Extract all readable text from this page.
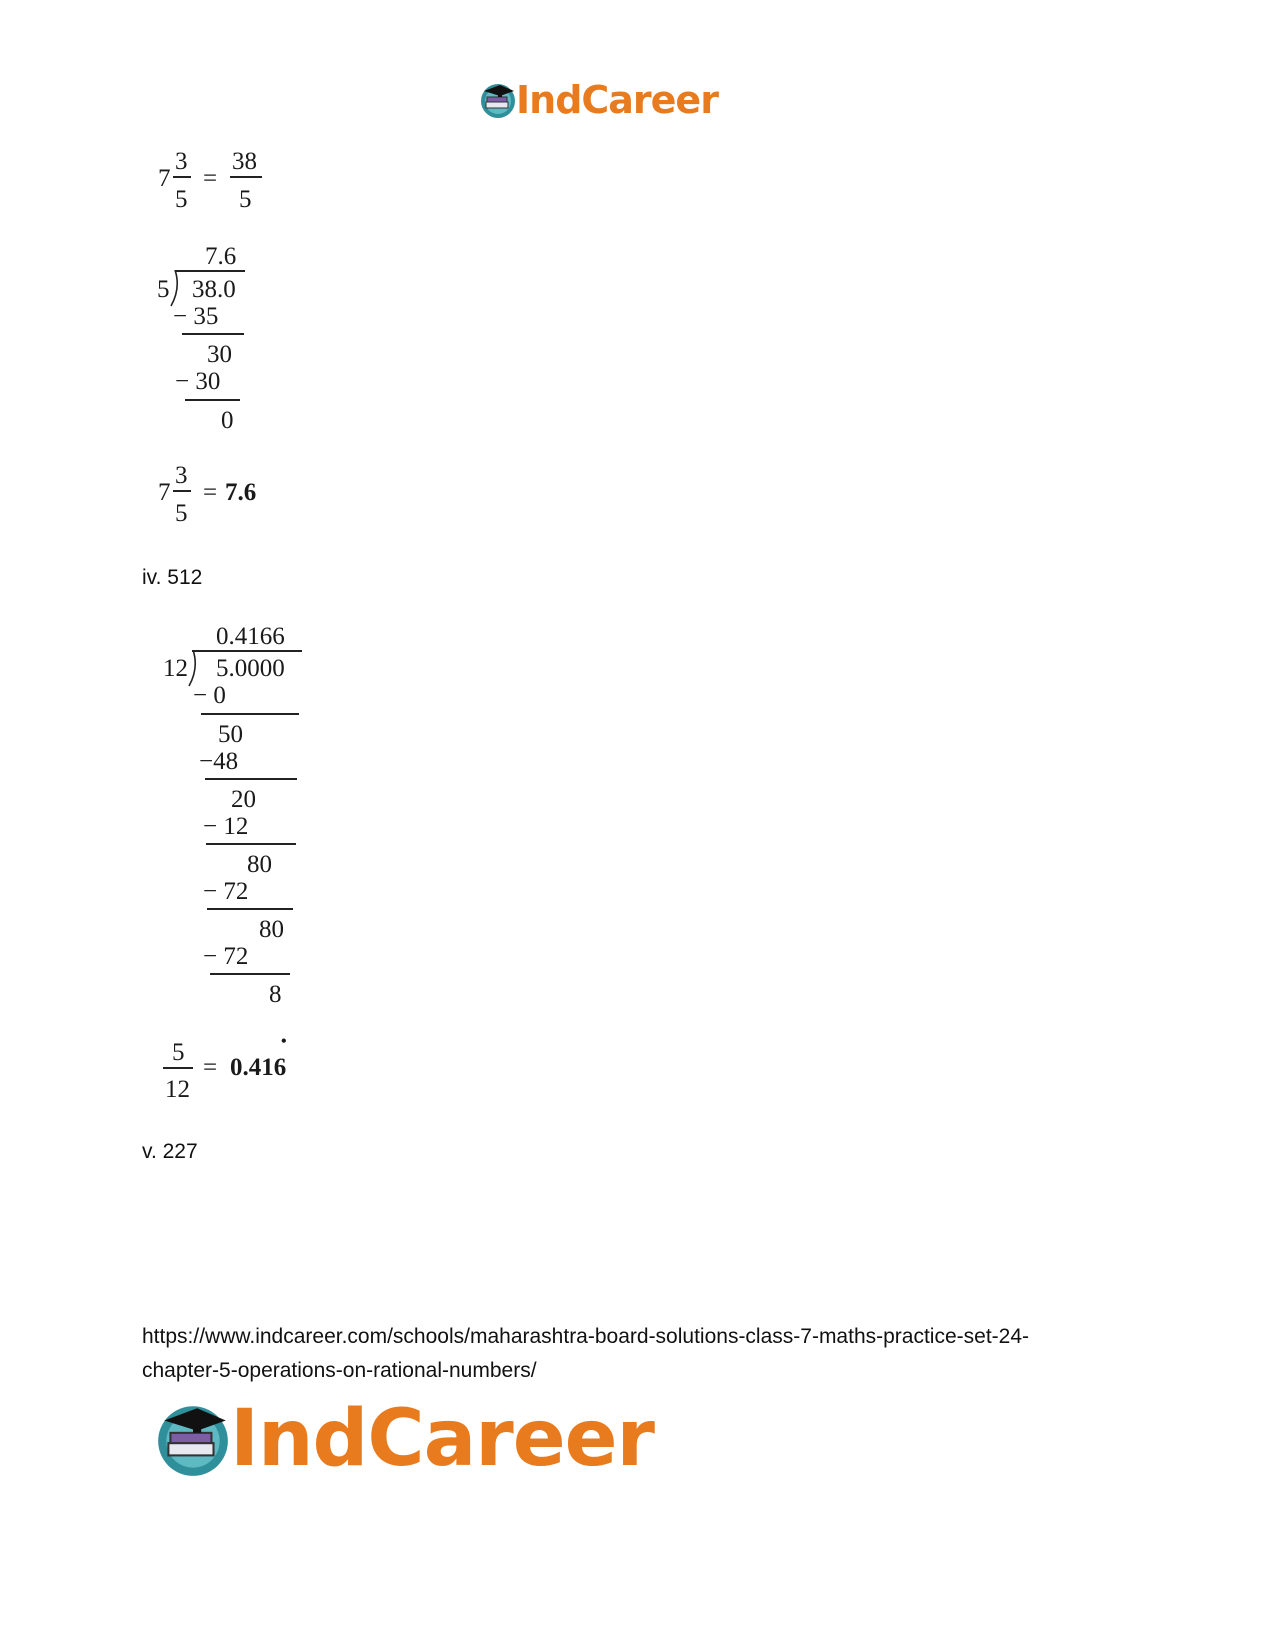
IndCareer
7
3
5
=
38
5
7.6
5 38.0
− 35
30
− 30
0
7
3
5
= 7.6
iv. 512
0.4166
12 5.0000
− 0
50
−48
20
− 12
80
− 72
80
− 72
8
5
12
= 0.416
•
v. 227
https://www.indcareer.com/schools/maharashtra-board-solutions-class-7-maths-practice-set-24-
chapter-5-operations-on-rational-numbers/
IndCareer
